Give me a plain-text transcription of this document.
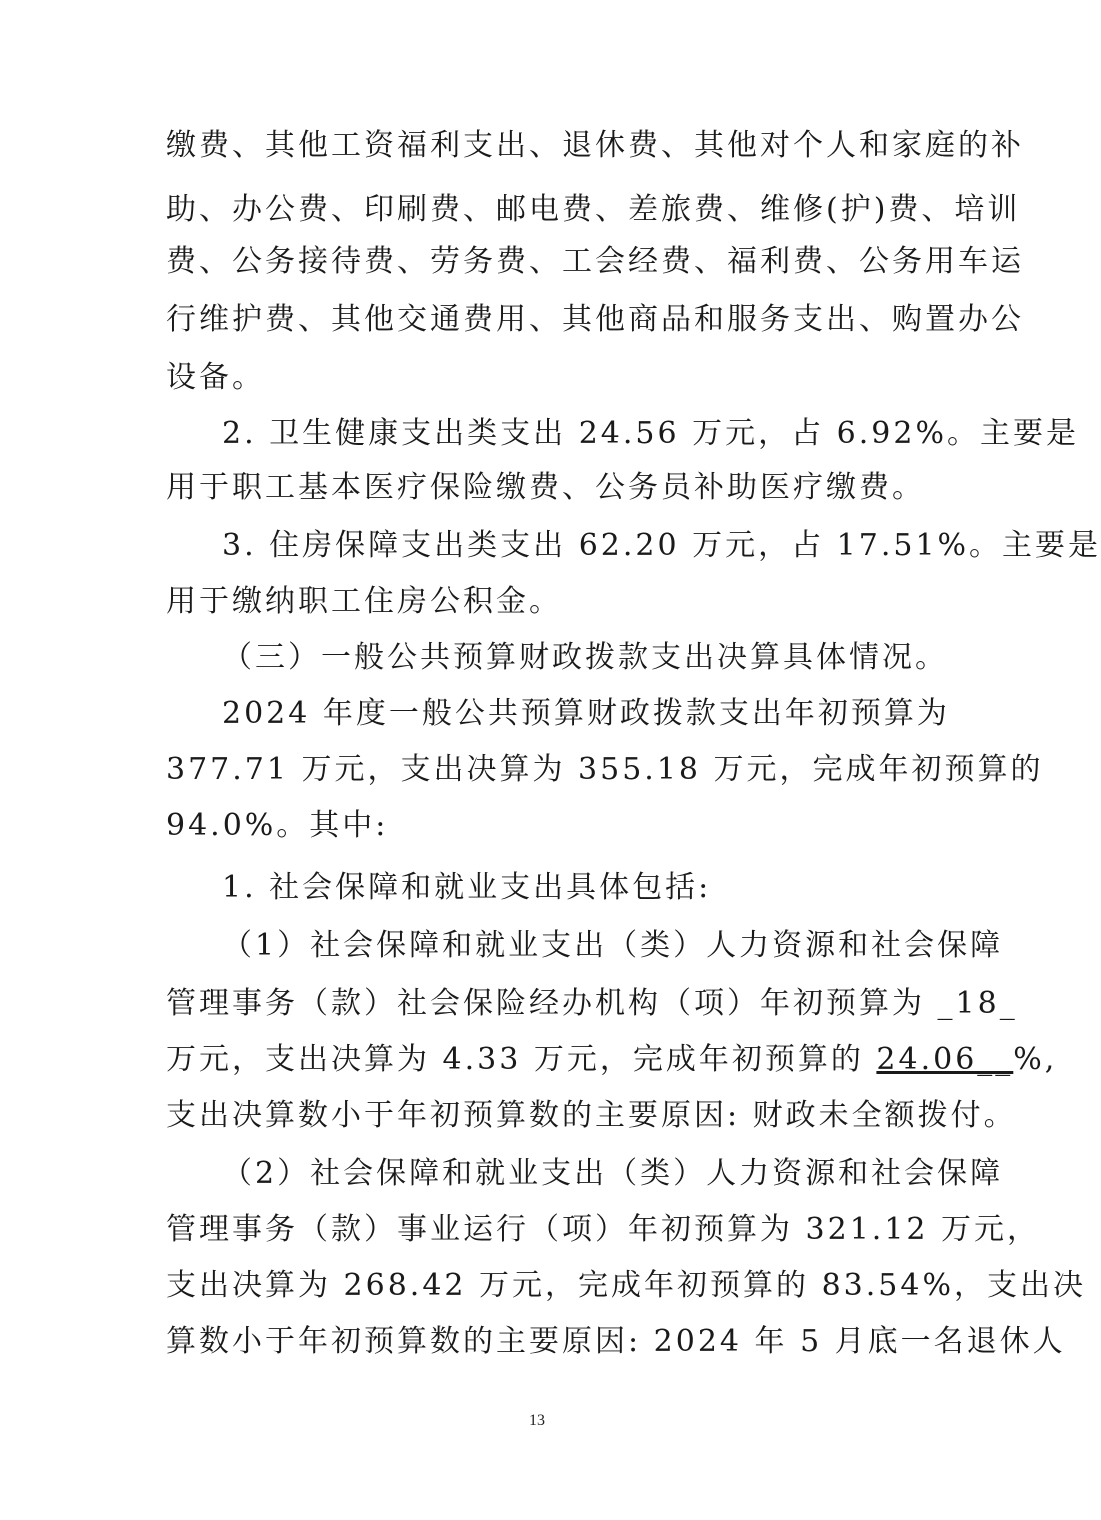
缴费、其他工资福利支出、退休费、其他对个人和家庭的补
助、办公费、印刷费、邮电费、差旅费、维修(护)费、培训
费、公务接待费、劳务费、工会经费、福利费、公务用车运
行维护费、其他交通费用、其他商品和服务支出、购置办公
设备。
2. 卫生健康支出类支出 24.56 万元，占 6.92%。主要是
用于职工基本医疗保险缴费、公务员补助医疗缴费。
3. 住房保障支出类支出 62.20 万元，占 17.51%。主要是
用于缴纳职工住房公积金。
（三）一般公共预算财政拨款支出决算具体情况。
2024 年度一般公共预算财政拨款支出年初预算为
377.71 万元，支出决算为 355.18 万元，完成年初预算的
94.0%。其中:
1. 社会保障和就业支出具体包括:
（1）社会保障和就业支出（类）人力资源和社会保障
管理事务（款）社会保险经办机构（项）年初预算为 _18_
万元，支出决算为 4.33 万元，完成年初预算的 24.06__%,
支出决算数小于年初预算数的主要原因: 财政未全额拨付。
（2）社会保障和就业支出（类）人力资源和社会保障
管理事务（款）事业运行（项）年初预算为 321.12 万元，
支出决算为 268.42 万元，完成年初预算的 83.54%，支出决
算数小于年初预算数的主要原因: 2024 年 5 月底一名退休人
13
